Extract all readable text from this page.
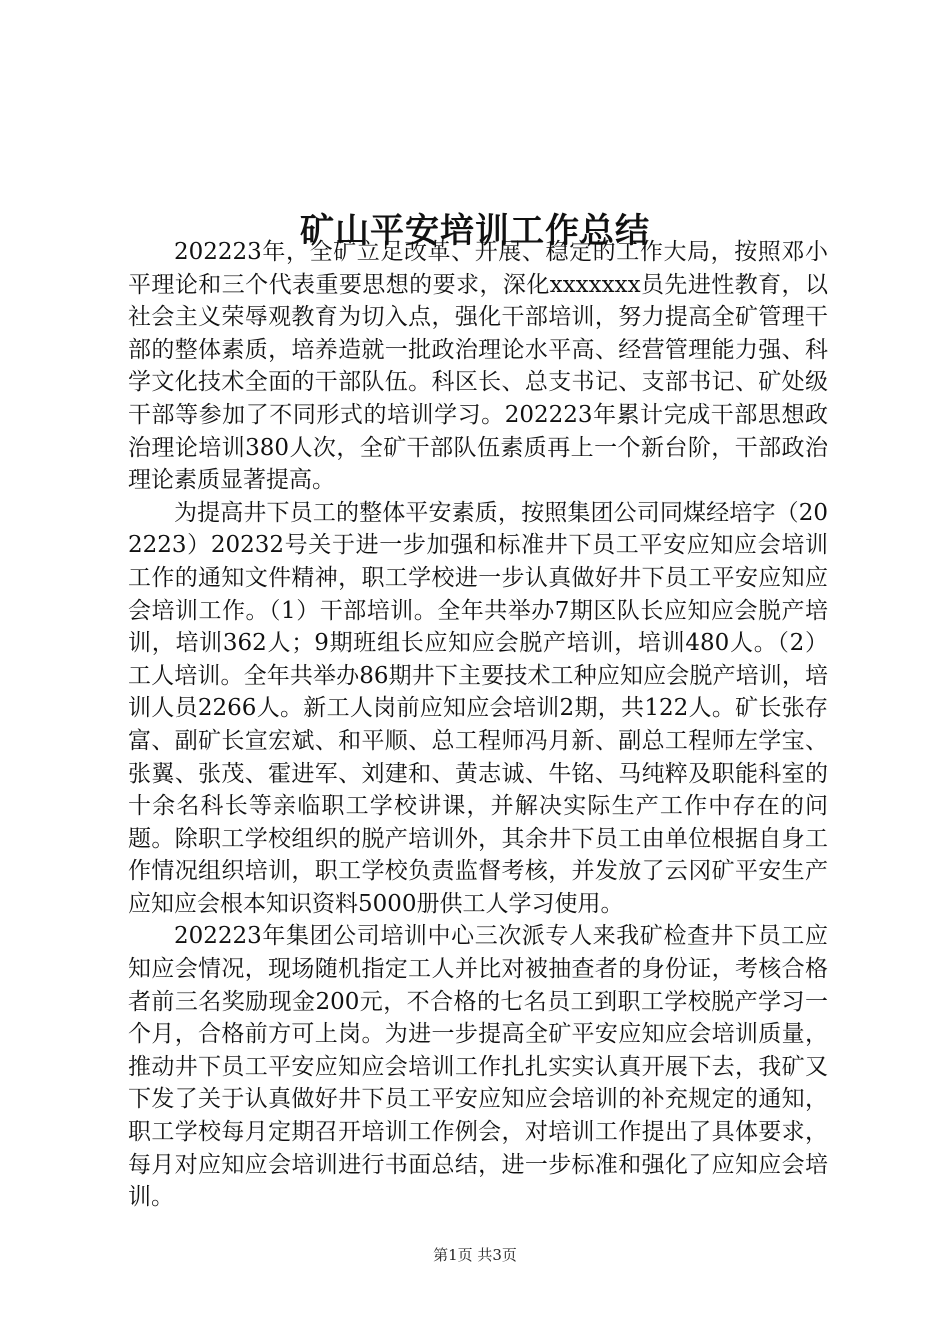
矿山平安培训工作总结

202223年，全矿立足改革、开展、稳定的工作大局，按照邓小平理论和三个代表重要思想的要求，深化xxxxxxx员先进性教育，以社会主义荣辱观教育为切入点，强化干部培训，努力提高全矿管理干部的整体素质，培养造就一批政治理论水平高、经营管理能力强、科学文化技术全面的干部队伍。科区长、总支书记、支部书记、矿处级干部等参加了不同形式的培训学习。202223年累计完成干部思想政治理论培训380人次，全矿干部队伍素质再上一个新台阶，干部政治理论素质显著提高。

为提高井下员工的整体平安素质，按照集团公司同煤经培字（202223）20232号关于进一步加强和标准井下员工平安应知应会培训工作的通知文件精神，职工学校进一步认真做好井下员工平安应知应会培训工作。（1）干部培训。全年共举办7期区队长应知应会脱产培训，培训362人；9期班组长应知应会脱产培训，培训480人。（2）工人培训。全年共举办86期井下主要技术工种应知应会脱产培训，培训人员2266人。新工人岗前应知应会培训2期，共122人。矿长张存富、副矿长宣宏斌、和平顺、总工程师冯月新、副总工程师左学宝、张翼、张茂、霍进军、刘建和、黄志诚、牛铭、马纯粹及职能科室的十余名科长等亲临职工学校讲课，并解决实际生产工作中存在的问题。除职工学校组织的脱产培训外，其余井下员工由单位根据自身工作情况组织培训，职工学校负责监督考核，并发放了云冈矿平安生产应知应会根本知识资料5000册供工人学习使用。

202223年集团公司培训中心三次派专人来我矿检查井下员工应知应会情况，现场随机指定工人并比对被抽查者的身份证，考核合格者前三名奖励现金200元，不合格的七名员工到职工学校脱产学习一个月，合格前方可上岗。为进一步提高全矿平安应知应会培训质量，推动井下员工平安应知应会培训工作扎扎实实认真开展下去，我矿又下发了关于认真做好井下员工平安应知应会培训的补充规定的通知，职工学校每月定期召开培训工作例会，对培训工作提出了具体要求，每月对应知应会培训进行书面总结，进一步标准和强化了应知应会培训。

第1页 共3页
